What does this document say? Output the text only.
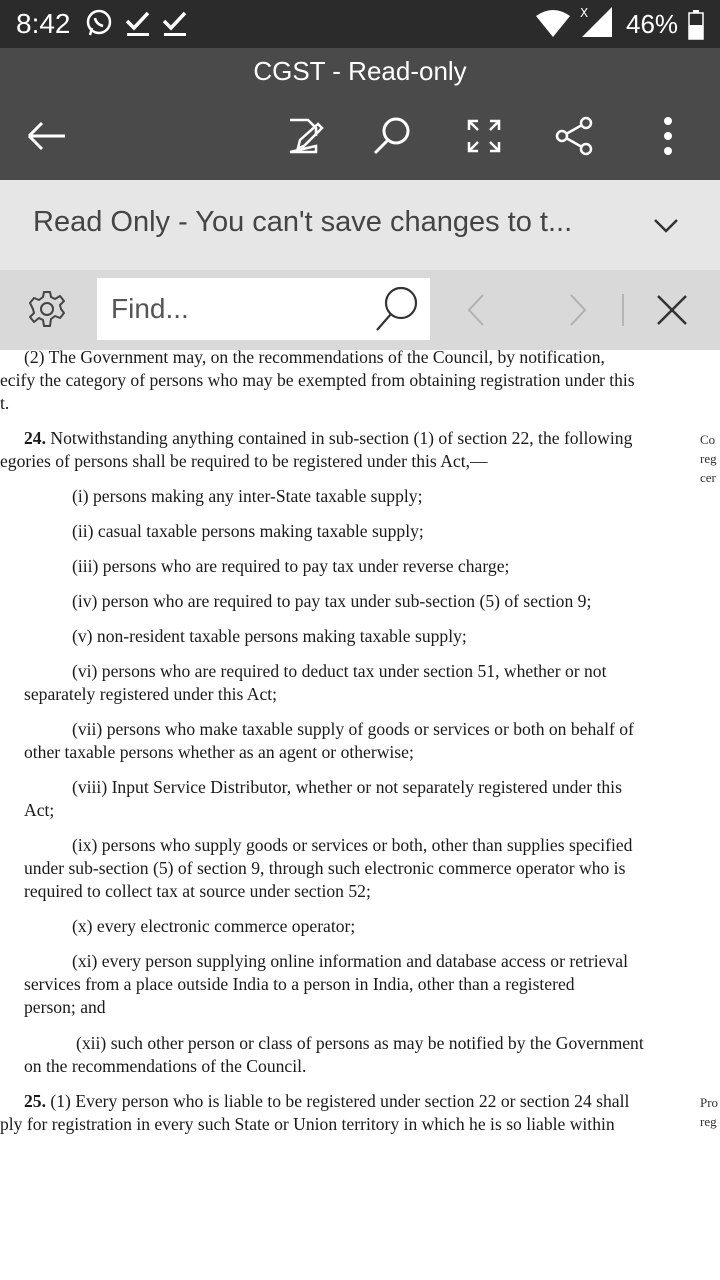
8:42	X 46%
CGST - Read-only
Read Only - You can't save changes to t...
Find...
(2) The Government may, on the recommendations of the Council, by notification,
ecify the category of persons who may be exempted from obtaining registration under this
t.
24. Notwithstanding anything contained in sub-section (1) of section 22, the following
egories of persons shall be required to be registered under this Act,—
Co
reg
cer
(i) persons making any inter-State taxable supply;
(ii) casual taxable persons making taxable supply;
(iii) persons who are required to pay tax under reverse charge;
(iv) person who are required to pay tax under sub-section (5) of section 9;
(v) non-resident taxable persons making taxable supply;
(vi) persons who are required to deduct tax under section 51, whether or not
separately registered under this Act;
(vii) persons who make taxable supply of goods or services or both on behalf of
other taxable persons whether as an agent or otherwise;
(viii) Input Service Distributor, whether or not separately registered under this
Act;
(ix) persons who supply goods or services or both, other than supplies specified
under sub-section (5) of section 9, through such electronic commerce operator who is
required to collect tax at source under section 52;
(x) every electronic commerce operator;
(xi) every person supplying online information and database access or retrieval
services from a place outside India to a person in India, other than a registered
person; and
(xii) such other person or class of persons as may be notified by the Government
on the recommendations of the Council.
25. (1) Every person who is liable to be registered under section 22 or section 24 shall
ply for registration in every such State or Union territory in which he is so liable within
Pro
reg
